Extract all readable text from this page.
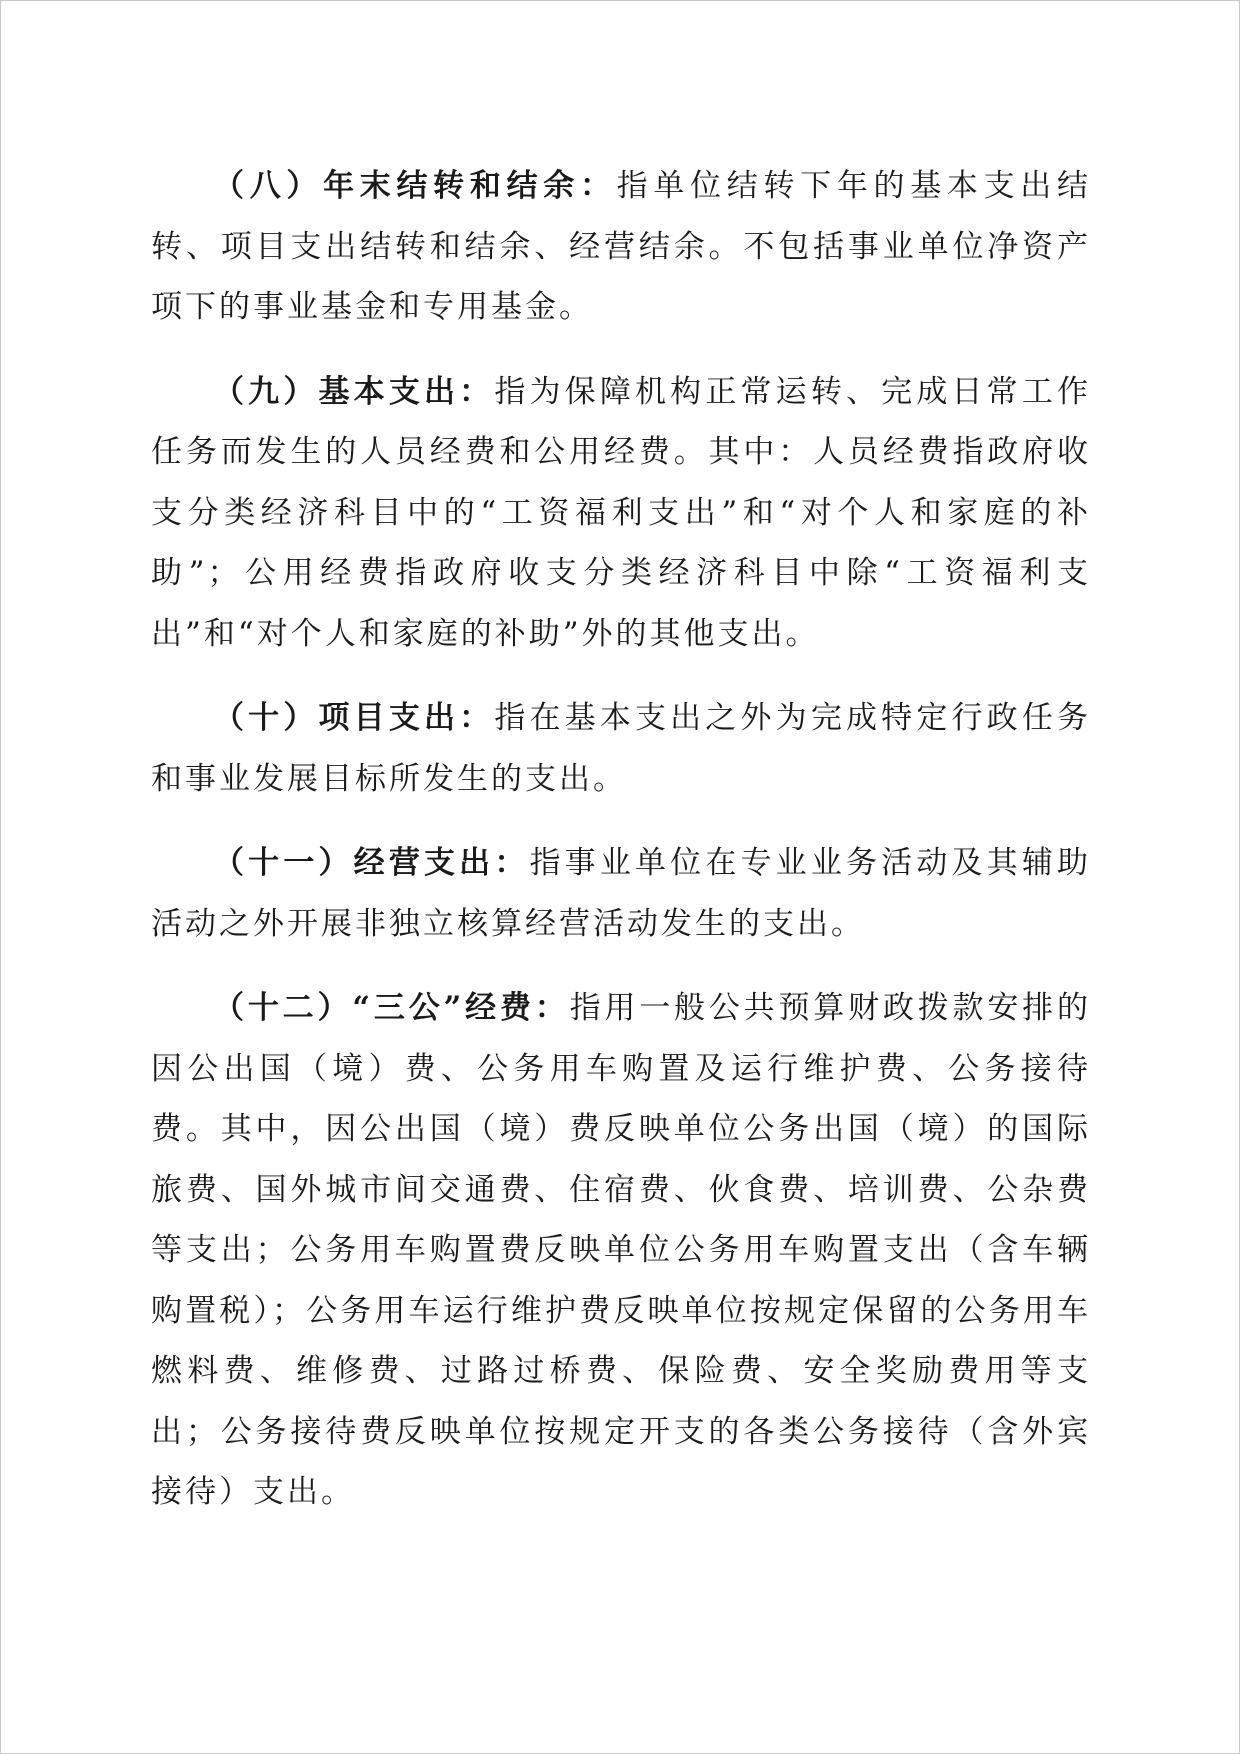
（八）年末结转和结余：指单位结转下年的基本支出结转、项目支出结转和结余、经营结余。不包括事业单位净资产项下的事业基金和专用基金。

（九）基本支出：指为保障机构正常运转、完成日常工作任务而发生的人员经费和公用经费。其中：人员经费指政府收支分类经济科目中的“工资福利支出”和“对个人和家庭的补助”；公用经费指政府收支分类经济科目中除“工资福利支出”和“对个人和家庭的补助”外的其他支出。

（十）项目支出：指在基本支出之外为完成特定行政任务和事业发展目标所发生的支出。

（十一）经营支出：指事业单位在专业业务活动及其辅助活动之外开展非独立核算经营活动发生的支出。

（十二）“三公”经费：指用一般公共预算财政拨款安排的因公出国（境）费、公务用车购置及运行维护费、公务接待费。其中，因公出国（境）费反映单位公务出国（境）的国际旅费、国外城市间交通费、住宿费、伙食费、培训费、公杂费等支出；公务用车购置费反映单位公务用车购置支出（含车辆购置税）；公务用车运行维护费反映单位按规定保留的公务用车燃料费、维修费、过路过桥费、保险费、安全奖励费用等支出；公务接待费反映单位按规定开支的各类公务接待（含外宾接待）支出。
